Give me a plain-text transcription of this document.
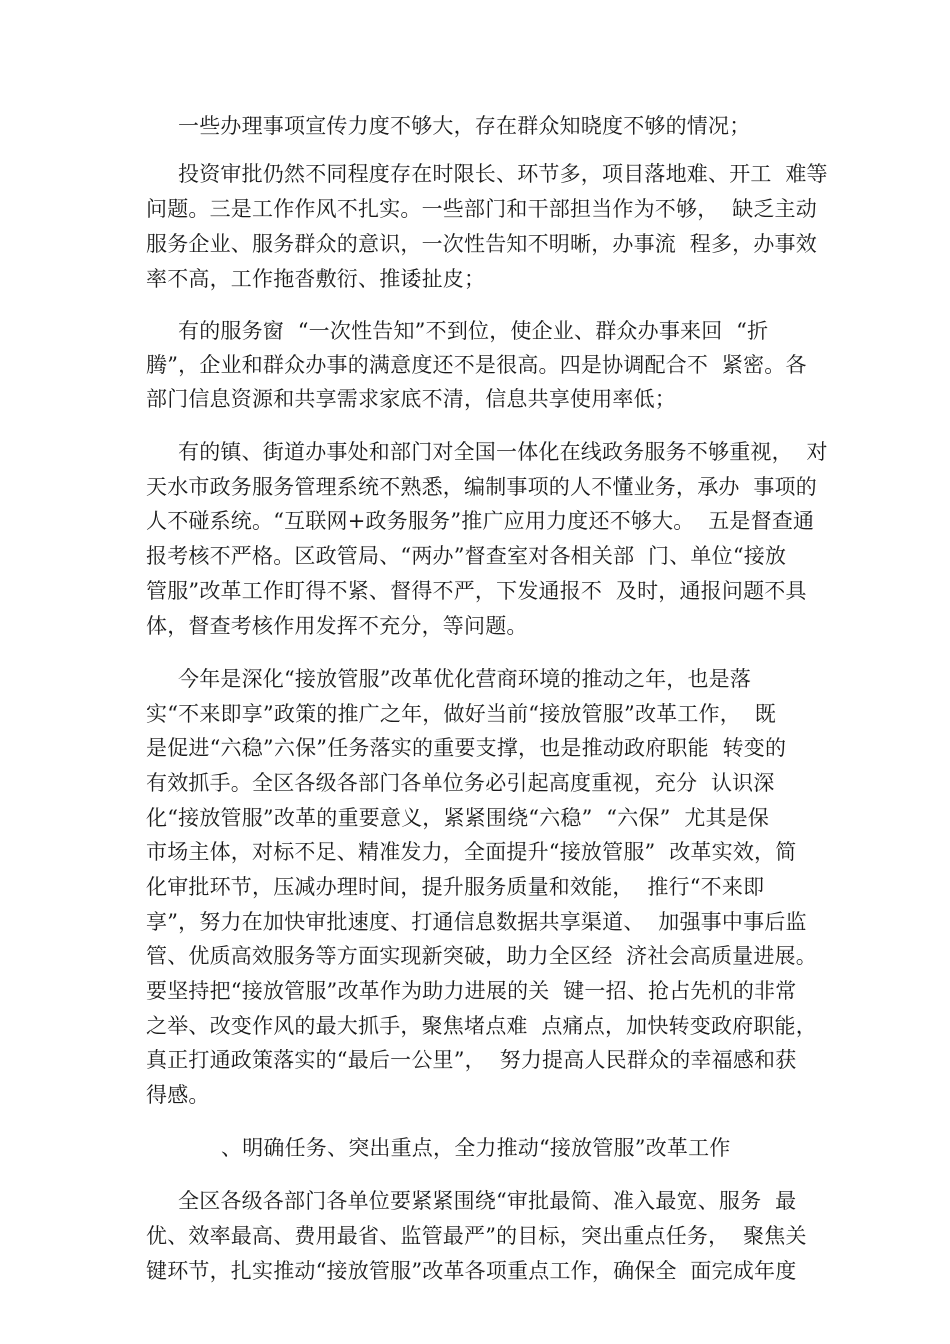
一些办理事项宣传力度不够大，存在群众知晓度不够的情况；
投资审批仍然不同程度存在时限长、环节多，项目落地难、开工  难等
问题。三是工作作风不扎实。一些部门和干部担当作为不够，  缺乏主动
服务企业、服务群众的意识，一次性告知不明晰，办事流  程多，办事效
率不高，工作拖沓敷衍、推诿扯皮；
有的服务窗  “一次性告知”不到位，使企业、群众办事来回  “折
腾”，企业和群众办事的满意度还不是很高。四是协调配合不  紧密。各
部门信息资源和共享需求家底不清，信息共享使用率低；
有的镇、街道办事处和部门对全国一体化在线政务服务不够重视，  对
天水市政务服务管理系统不熟悉，编制事项的人不懂业务，承办  事项的
人不碰系统。“互联网+政务服务”推广应用力度还不够大。  五是督查通
报考核不严格。区政管局、“两办”督查室对各相关部  门、单位“接放
管服”改革工作盯得不紧、督得不严，下发通报不  及时，通报问题不具
体，督查考核作用发挥不充分，等问题。
今年是深化“接放管服”改革优化营商环境的推动之年，也是落
实“不来即享”政策的推广之年，做好当前“接放管服”改革工作，  既
是促进“六稳”六保”任务落实的重要支撑，也是推动政府职能  转变的
有效抓手。全区各级各部门各单位务必引起高度重视，充分  认识深
化“接放管服”改革的重要意义，紧紧围绕“六稳”  “六保”  尤其是保
市场主体，对标不足、精准发力，全面提升“接放管服”  改革实效，简
化审批环节，压减办理时间，提升服务质量和效能，  推行“不来即
享”，努力在加快审批速度、打通信息数据共享渠道、  加强事中事后监
管、优质高效服务等方面实现新突破，助力全区经  济社会高质量进展。
要坚持把“接放管服”改革作为助力进展的关  键一招、抢占先机的非常
之举、改变作风的最大抓手，聚焦堵点难  点痛点，加快转变政府职能，
真正打通政策落实的“最后一公里”，  努力提高人民群众的幸福感和获
得感。
、明确任务、突出重点，全力推动“接放管服”改革工作
全区各级各部门各单位要紧紧围绕“审批最简、准入最宽、服务  最
优、效率最高、费用最省、监管最严”的目标，突出重点任务，  聚焦关
键环节，扎实推动“接放管服”改革各项重点工作，确保全  面完成年度
